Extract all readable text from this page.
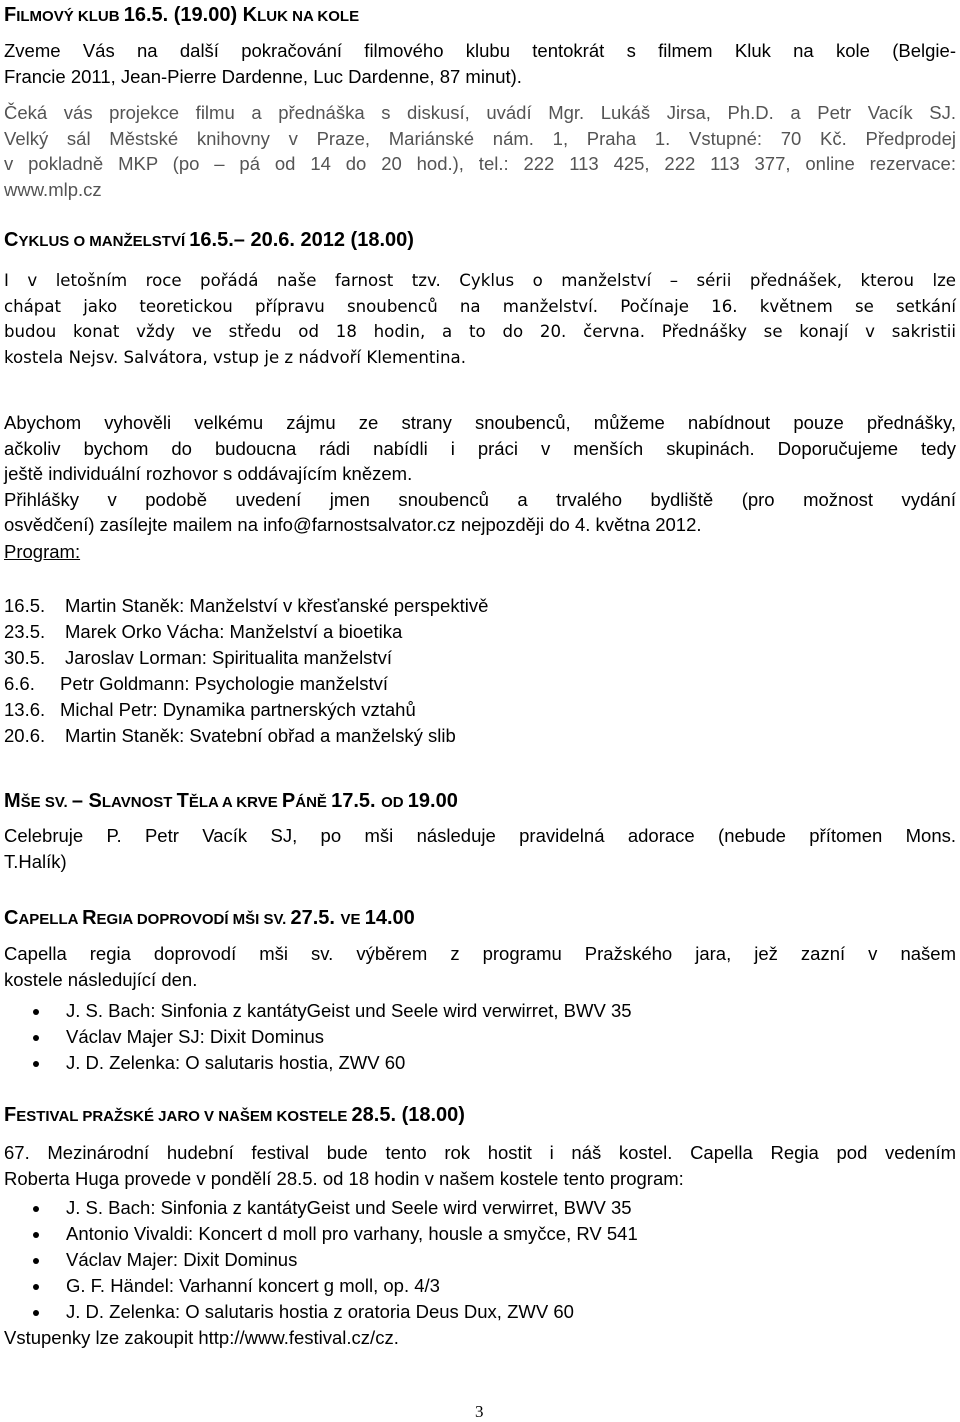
FILMOVÝ KLUB 16.5. (19.00) KLUK NA KOLE
Zveme Vás na další pokračování filmového klubu tentokrát s filmem Kluk na kole (Belgie-
Francie 2011, Jean-Pierre Dardenne, Luc Dardenne, 87 minut).
Čeká vás projekce filmu a přednáška s diskusí, uvádí Mgr. Lukáš Jirsa, Ph.D. a Petr Vacík SJ.
Velký sál Městské knihovny v Praze, Mariánské nám. 1, Praha 1. Vstupné: 70 Kč. Předprodej
v pokladně MKP (po – pá od 14 do 20 hod.), tel.: 222 113 425, 222 113 377, online rezervace:
www.mlp.cz
CYKLUS O MANŽELSTVÍ 16.5.– 20.6. 2012 (18.00)
I v letošním roce pořádá naše farnost tzv. Cyklus o manželství – sérii přednášek, kterou lze
chápat jako teoretickou přípravu snoubenců na manželství. Počínaje 16. květnem se setkání
budou konat vždy ve středu od 18 hodin, a to do 20. června. Přednášky se konají v sakristii
kostela Nejsv. Salvátora, vstup je z nádvoří Klementina.
Abychom vyhověli velkému zájmu ze strany snoubenců, můžeme nabídnout pouze přednášky,
ačkoliv bychom do budoucna rádi nabídli i práci v menších skupinách. Doporučujeme tedy
ještě individuální rozhovor s oddávajícím knězem.
Přihlášky v podobě uvedení jmen snoubenců a trvalého bydliště (pro možnost vydání
osvědčení) zasílejte mailem na info@farnostsalvator.cz nejpozději do 4. května 2012.
Program:
16.5. Martin Staněk: Manželství v křesťanské perspektivě
23.5. Marek Orko Vácha: Manželství a bioetika
30.5. Jaroslav Lorman: Spiritualita manželství
6.6. Petr Goldmann: Psychologie manželství
13.6. Michal Petr: Dynamika partnerských vztahů
20.6. Martin Staněk: Svatební obřad a manželský slib
MŠE SV. – SLAVNOST TĚLA A KRVE PÁNĚ 17.5. OD 19.00
Celebruje P. Petr Vacík SJ, po mši následuje pravidelná adorace (nebude přítomen Mons.
T.Halík)
CAPELLA REGIA DOPROVODÍ MŠI SV. 27.5. VE 14.00
Capella regia doprovodí mši sv. výběrem z programu Pražského jara, jež zazní v našem
kostele následující den.
J. S. Bach: Sinfonia z kantátyGeist und Seele wird verwirret, BWV 35
Václav Majer SJ: Dixit Dominus
J. D. Zelenka: O salutaris hostia, ZWV 60
FESTIVAL PRAŽSKÉ JARO V NAŠEM KOSTELE 28.5. (18.00)
67. Mezinárodní hudební festival bude tento rok hostit i náš kostel. Capella Regia pod vedením
Roberta Huga provede v pondělí 28.5. od 18 hodin v našem kostele tento program:
J. S. Bach: Sinfonia z kantátyGeist und Seele wird verwirret, BWV 35
Antonio Vivaldi: Koncert d moll pro varhany, housle a smyčce, RV 541
Václav Majer: Dixit Dominus
G. F. Händel: Varhanní koncert g moll, op. 4/3
J. D. Zelenka: O salutaris hostia z oratoria Deus Dux, ZWV 60
Vstupenky lze zakoupit http://www.festival.cz/cz.
3
